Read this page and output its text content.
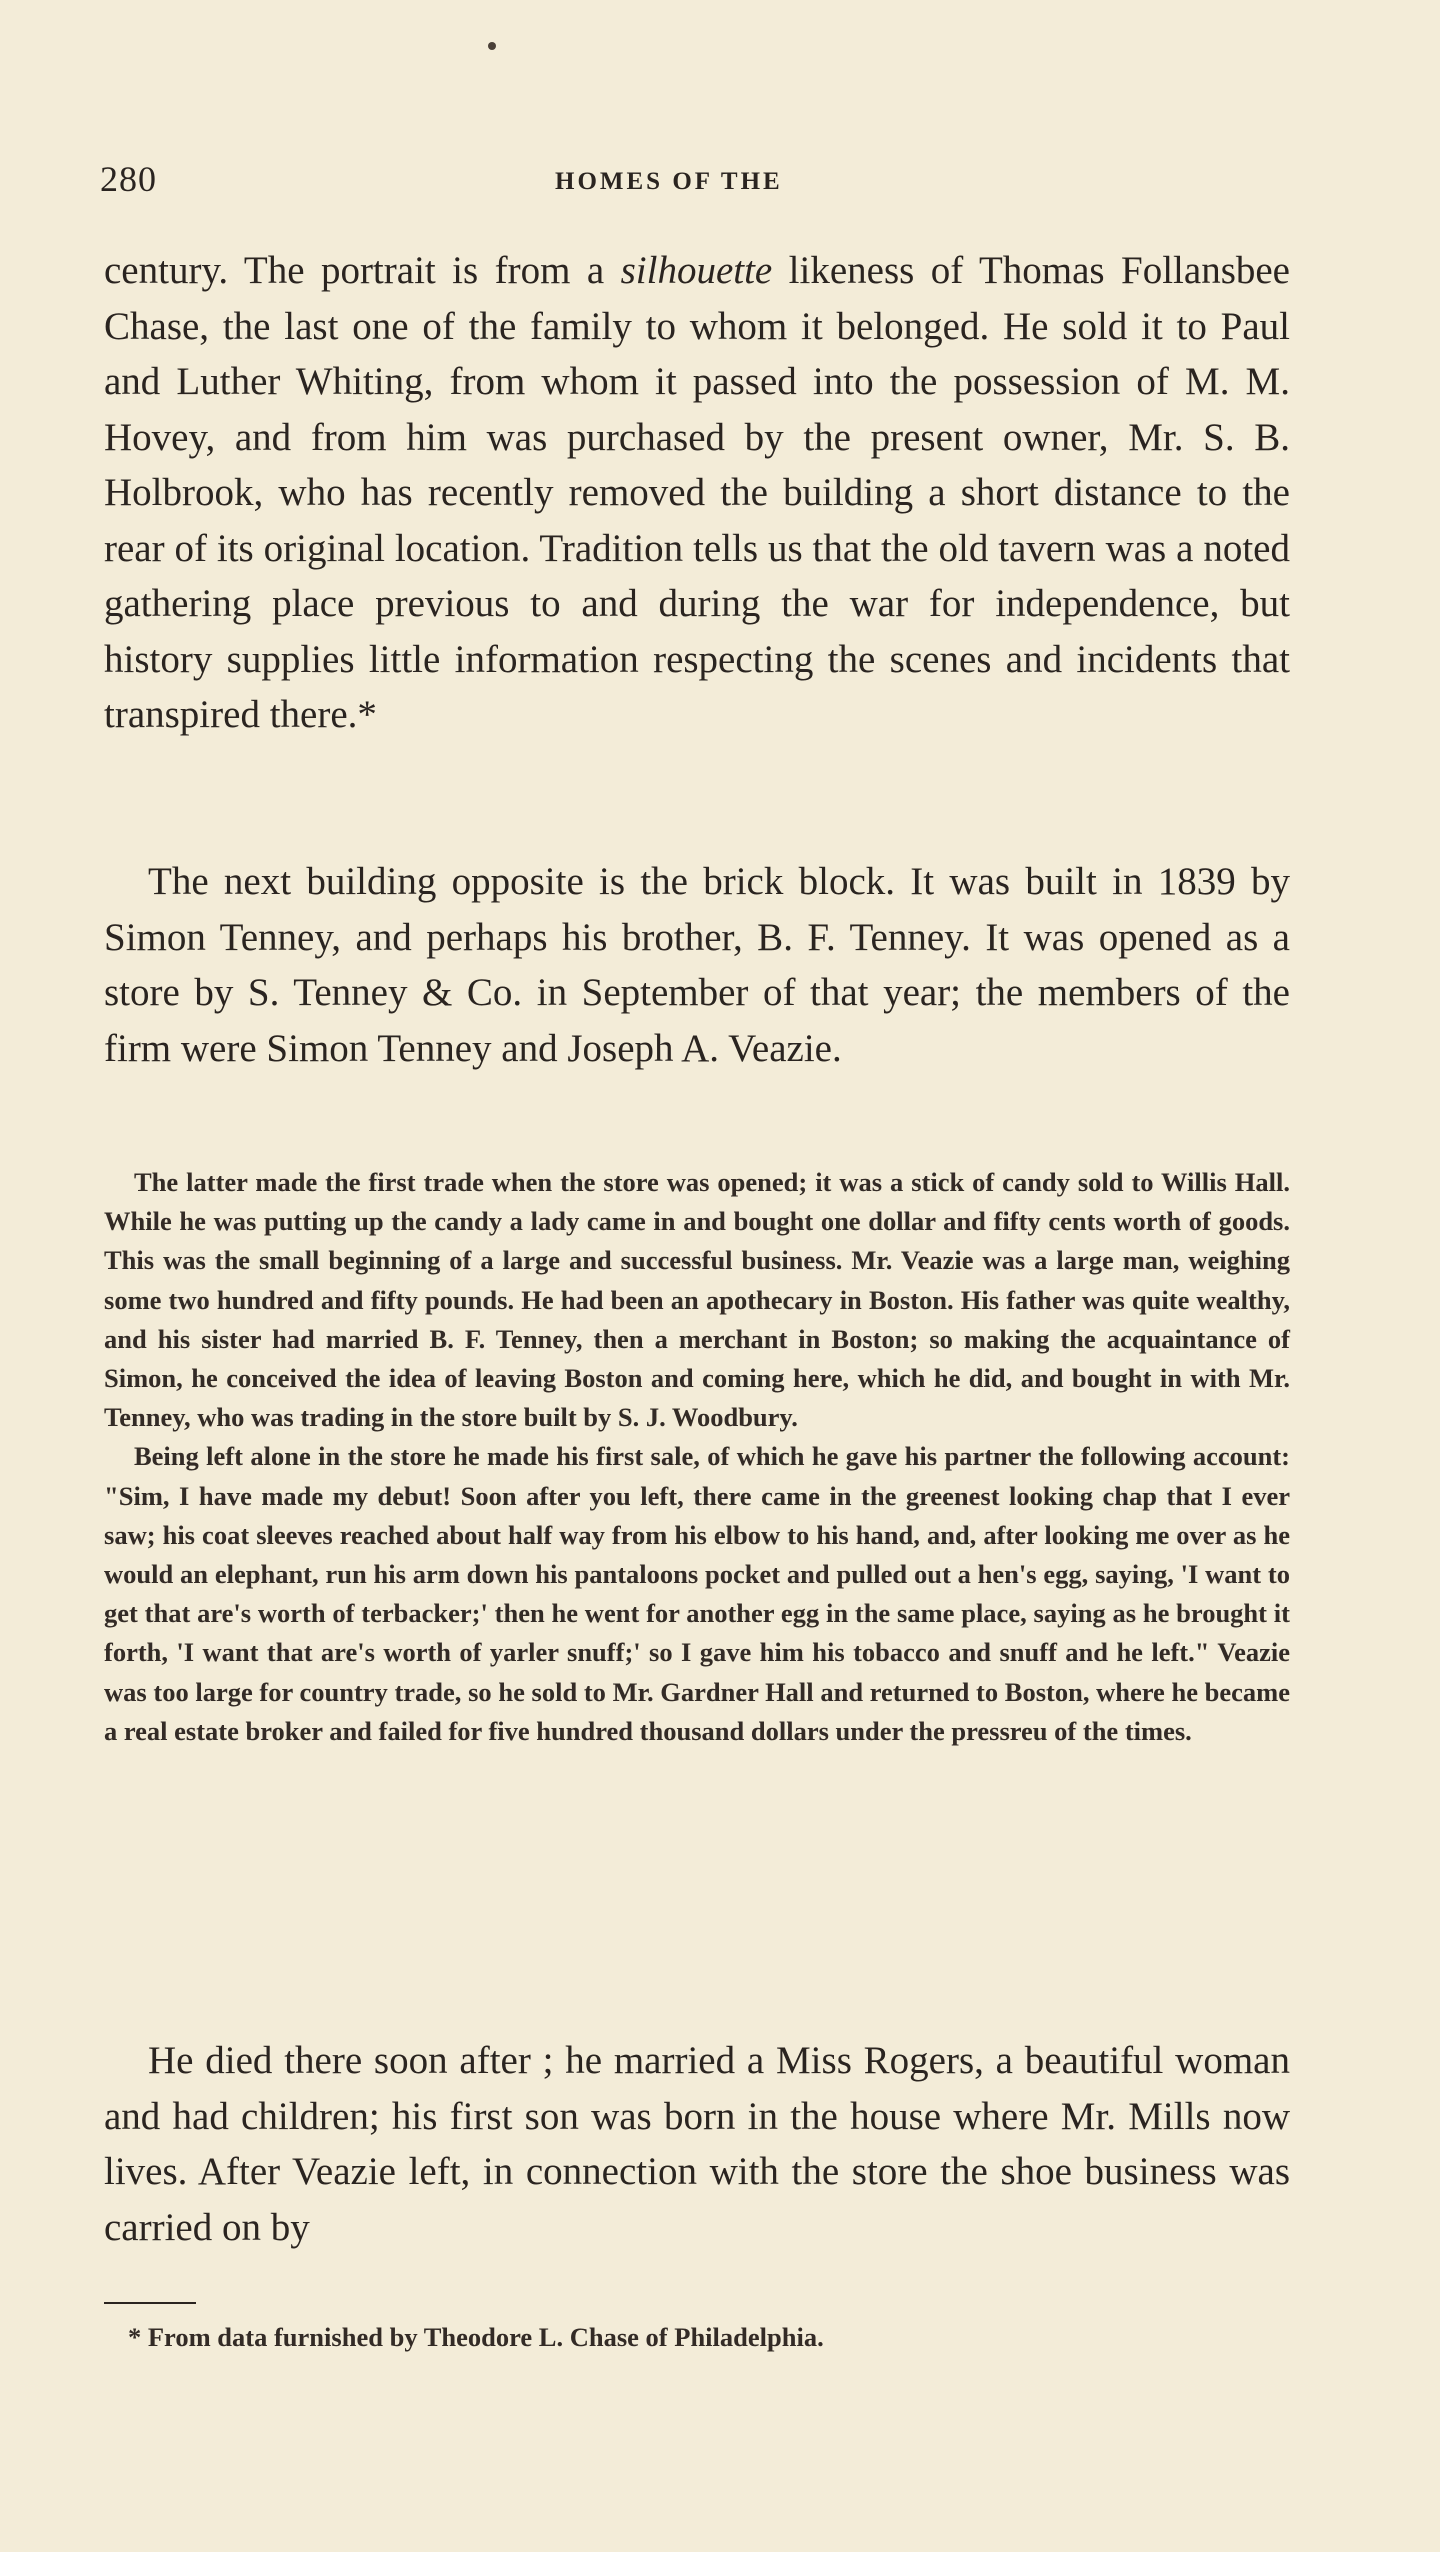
280	HOMES OF THE

century. The portrait is from a silhouette likeness of Thomas Follansbee Chase, the last one of the family to whom it belonged. He sold it to Paul and Luther Whiting, from whom it passed into the possession of M. M. Hovey, and from him was purchased by the present owner, Mr. S. B. Holbrook, who has recently removed the building a short distance to the rear of its original location. Tradition tells us that the old tavern was a noted gathering place previous to and during the war for independence, but history supplies little information respecting the scenes and incidents that transpired there.*

The next building opposite is the brick block. It was built in 1839 by Simon Tenney, and perhaps his brother, B. F. Tenney. It was opened as a store by S. Tenney & Co. in September of that year; the members of the firm were Simon Tenney and Joseph A. Veazie.

The latter made the first trade when the store was opened; it was a stick of candy sold to Willis Hall. While he was putting up the candy a lady came in and bought one dollar and fifty cents worth of goods. This was the small beginning of a large and successful business. Mr. Veazie was a large man, weighing some two hundred and fifty pounds. He had been an apothecary in Boston. His father was quite wealthy, and his sister had married B. F. Tenney, then a merchant in Boston; so making the acquaintance of Simon, he conceived the idea of leaving Boston and coming here, which he did, and bought in with Mr. Tenney, who was trading in the store built by S. J. Woodbury.

Being left alone in the store he made his first sale, of which he gave his partner the following account: "Sim, I have made my debut! Soon after you left, there came in the greenest looking chap that I ever saw; his coat sleeves reached about half way from his elbow to his hand, and, after looking me over as he would an elephant, run his arm down his pantaloons pocket and pulled out a hen's egg, saying, 'I want to get that are's worth of terbacker;' then he went for another egg in the same place, saying as he brought it forth, 'I want that are's worth of yarler snuff;' so I gave him his tobacco and snuff and he left." Veazie was too large for country trade, so he sold to Mr. Gardner Hall and returned to Boston, where he became a real estate broker and failed for five hundred thousand dollars under the pressreu of the times.

He died there soon after ; he married a Miss Rogers, a beautiful woman and had children; his first son was born in the house where Mr. Mills now lives. After Veazie left, in connection with the store the shoe business was carried on by

* From data furnished by Theodore L. Chase of Philadelphia.
